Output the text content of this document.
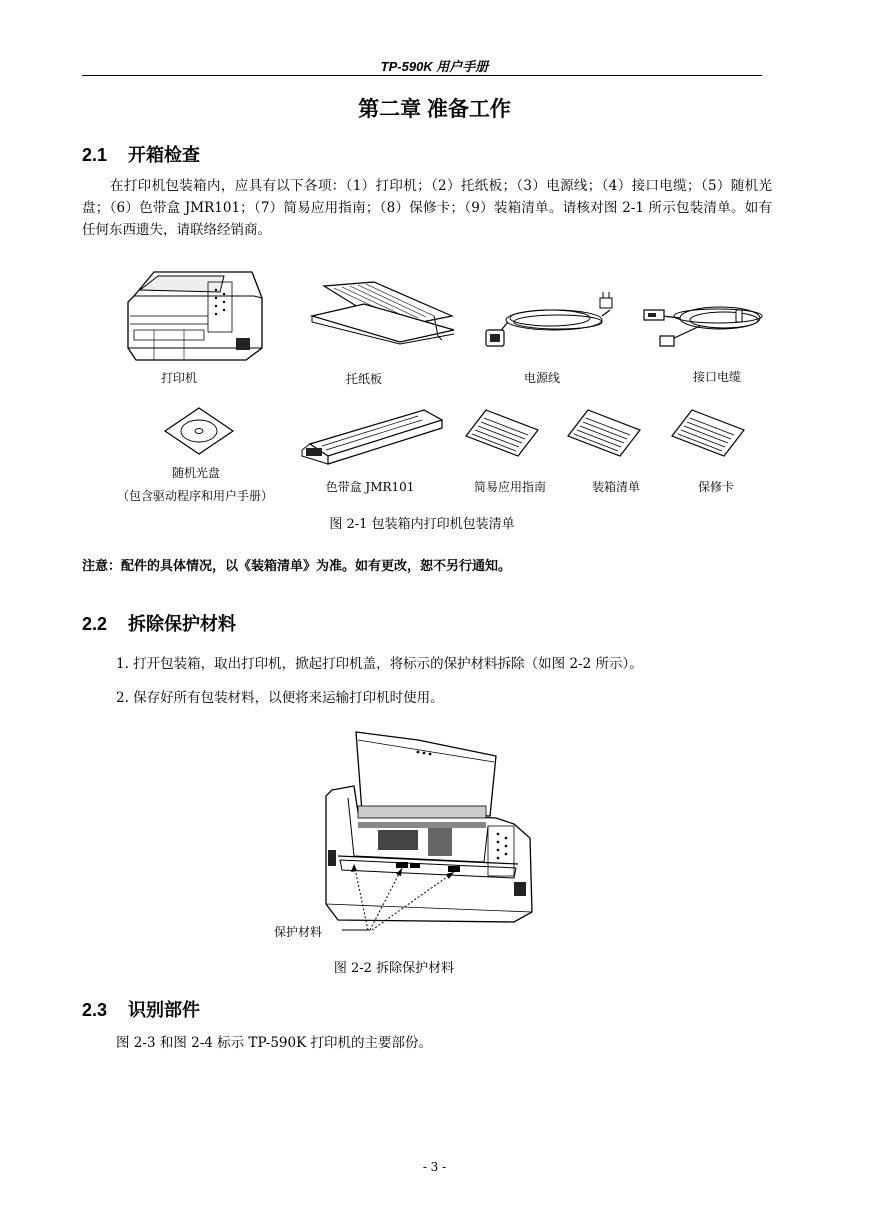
TP-590K 用户手册
第二章 准备工作
2.1 开箱检查
在打印机包装箱内，应具有以下各项：（1）打印机；（2）托纸板；（3）电源线；（4）接口电缆；（5）随机光盘；（6）色带盒 JMR101；（7）简易应用指南；（8）保修卡；（9）装箱清单。请核对图 2-1 所示包装清单。如有任何东西遗失，请联络经销商。
打印机	托纸板	电源线	接口电缆
随机光盘
（包含驱动程序和用户手册）
色带盒 JMR101	简易应用指南	装箱清单	保修卡
图 2-1 包装箱内打印机包装清单
注意：配件的具体情况，以《装箱清单》为准。如有更改，恕不另行通知。
2.2 拆除保护材料
1. 打开包装箱，取出打印机，掀起打印机盖，将标示的保护材料拆除（如图 2-2 所示）。
2. 保存好所有包装材料，以便将来运输打印机时使用。
保护材料
图 2-2 拆除保护材料
2.3 识别部件
图 2-3 和图 2-4 标示 TP-590K 打印机的主要部份。
- 3 -
